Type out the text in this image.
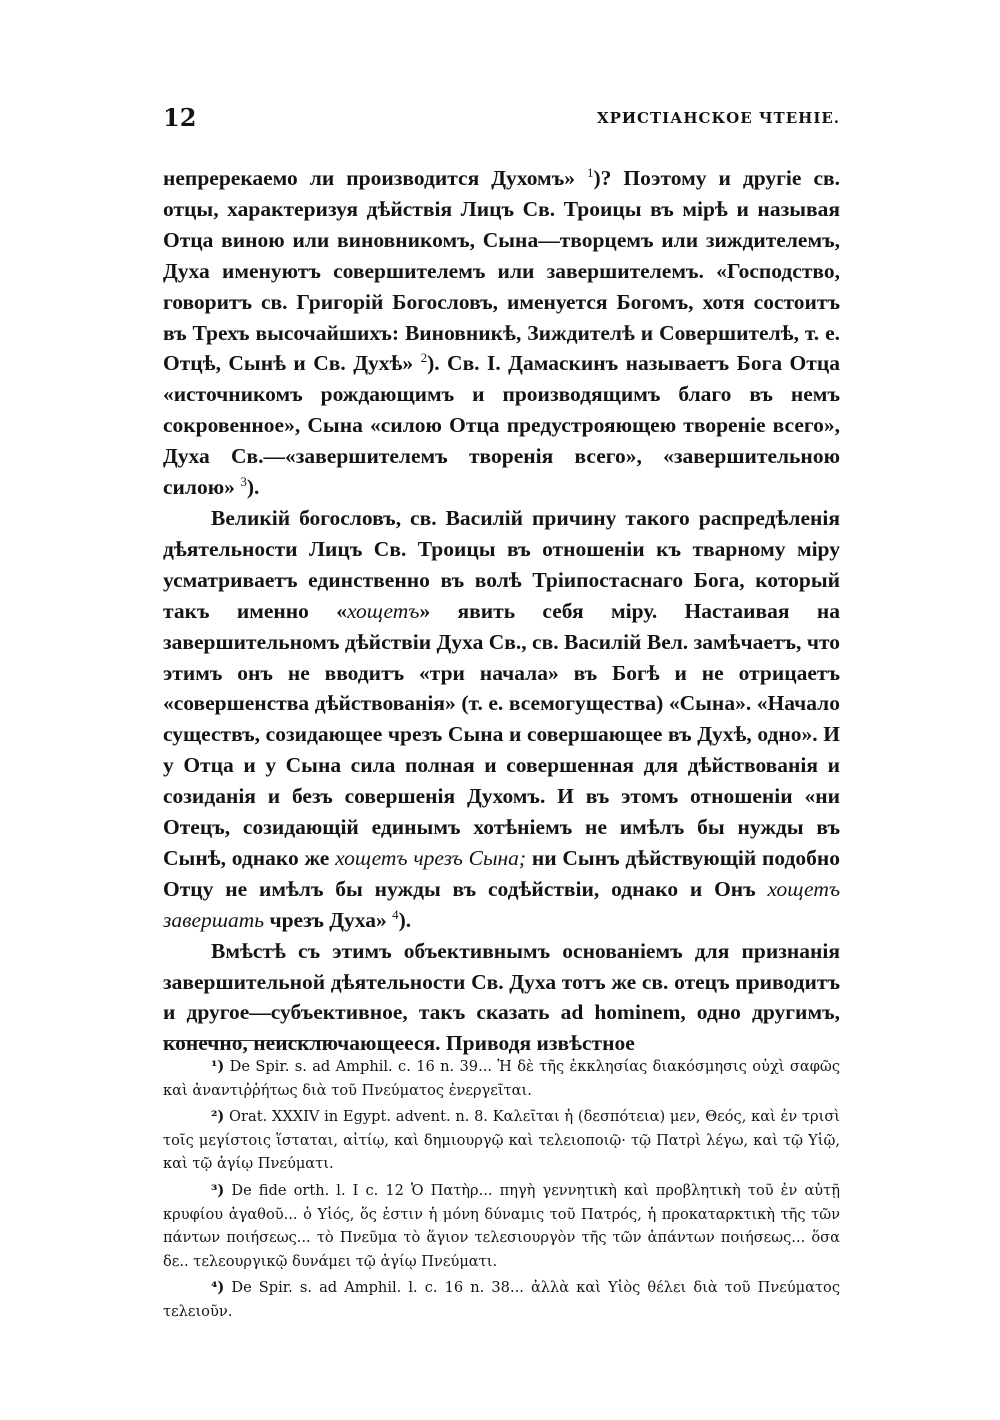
12	ХРИСТІАНСКОЕ ЧТЕНІЕ.

непререкаемо ли производится Духомъ» $^1$)? Поэтому и другіе св. отцы, характеризуя дѣйствія Лицъ Св. Троицы въ мірѣ и называя Отца виною или виновникомъ, Сына—творцемъ или зиждителемъ, Духа именуютъ совершителемъ или завершителемъ. «Господство, говоритъ св. Григорій Богословъ, именуется Богомъ, хотя состоитъ въ Трехъ высочайшихъ: Виновникѣ, Зиждителѣ и Совершителѣ, т. е. Отцѣ, Сынѣ и Св. Духѣ» $^2$). Св. І. Дамаскинъ называетъ Бога Отца «источникомъ рождающимъ и производящимъ благо въ немъ сокровенное», Сына «силою Отца предустрояющею твореніе всего», Духа Св.—«завершителемъ творенія всего», «завершительною силою» $^3$).

Великій богословъ, св. Василій причину такого распредѣленія дѣятельности Лицъ Св. Троицы въ отношеніи къ тварному міру усматриваетъ единственно въ волѣ Тріипостаснаго Бога, который такъ именно «хощетъ» явить себя міру. Настаивая на завершительномъ дѣйствіи Духа Св., св. Василій Вел. замѣчаетъ, что этимъ онъ не вводитъ «три начала» въ Богѣ и не отрицаетъ «совершенства дѣйствованія» (т. е. всемогущества) «Сына». «Начало существъ, созидающее чрезъ Сына и совершающее въ Духѣ, одно». И у Отца и у Сына сила полная и совершенная для дѣйствованія и созиданія и безъ совершенія Духомъ. И въ этомъ отношеніи «ни Отецъ, созидающій единымъ хотѣніемъ не имѣлъ бы нужды въ Сынѣ, однако же хощетъ чрезъ Сына; ни Сынъ дѣйствующій подобно Отцу не имѣлъ бы нужды въ содѣйствіи, однако и Онъ хощетъ завершать чрезъ Духа» $^4$).

Вмѣстѣ съ этимъ объективнымъ основаніемъ для признанія завершительной дѣятельности Св. Духа тотъ же св. отецъ приводитъ и другое—субъективное, такъ сказать ad hominem, одно другимъ, конечно, неисключающееся. Приводя извѣстное

¹) De Spir. s. ad Amphil. c. 16 n. 39... Ἡ δὲ τῆς ἐκκλησίας διακόσμησις οὐχὶ σαφῶς καὶ ἀναντιῤῥήτως διὰ τοῦ Πνεύματος ἐνεργεῖται.

²) Orat. XXXIV in Egypt. advent. n. 8. Καλεῖται ἡ (δεσπότεια) μεν, Θεός, καὶ ἐν τρισὶ τοῖς μεγίστοις ἵσταται, αἰτίῳ, καὶ δημιουργῷ καὶ τελειοποιῷ· τῷ Πατρὶ λέγω, καὶ τῷ Υἱῷ, καὶ τῷ ἁγίῳ Πνεύματι.

³) De fide orth. l. I c. 12 Ὁ Πατὴρ... πηγὴ γεννητικὴ καὶ προβλητικὴ τοῦ ἐν αὐτῇ κρυφίου ἀγαθοῦ... ὁ Υἱός, ὅς ἐστιν ἡ μόνη δύναμις τοῦ Πατρός, ἡ προκαταρκτικὴ τῆς τῶν πάντων ποιήσεως... τὸ Πνεῦμα τὸ ἅγιον τελεσιουργὸν τῆς τῶν ἁπάντων ποιήσεως... ὅσα δε.. τελεουργικῷ δυνάμει τῷ ἁγίῳ Πνεύματι.

⁴) De Spir. s. ad Amphil. l. c. 16 n. 38... ἀλλὰ καὶ Υἱὸς θέλει διὰ τοῦ Πνεύματος τελειοῦν.
